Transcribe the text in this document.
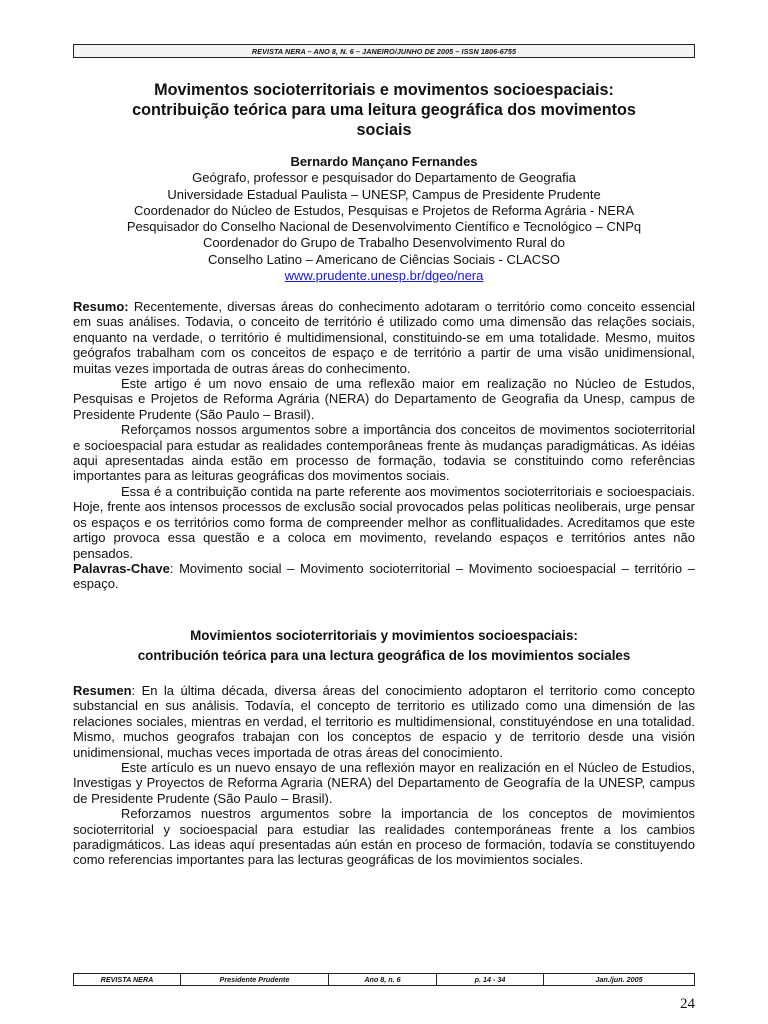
REVISTA NERA – ANO 8, N. 6 – JANEIRO/JUNHO DE 2005 – ISSN 1806-6755
Movimentos socioterritoriais e movimentos socioespaciais:
contribuição teórica para uma leitura geográfica dos movimentos
sociais
Bernardo Mançano Fernandes
Geógrafo, professor e pesquisador do Departamento de Geografia
Universidade Estadual Paulista – UNESP, Campus de Presidente Prudente
Coordenador do Núcleo de Estudos, Pesquisas e Projetos de Reforma Agrária - NERA
Pesquisador do Conselho Nacional de Desenvolvimento Científico e Tecnológico – CNPq
Coordenador do Grupo de Trabalho Desenvolvimento Rural do
Conselho Latino – Americano de Ciências Sociais - CLACSO
www.prudente.unesp.br/dgeo/nera

Resumo: Recentemente, diversas áreas do conhecimento adotaram o território como conceito essencial em suas análises. Todavia, o conceito de território é utilizado como uma dimensão das relações sociais, enquanto na verdade, o território é multidimensional, constituindo-se em uma totalidade. Mesmo, muitos geógrafos trabalham com os conceitos de espaço e de território a partir de uma visão unidimensional, muitas vezes importada de outras áreas do conhecimento.

Este artigo é um novo ensaio de uma reflexão maior em realização no Núcleo de Estudos, Pesquisas e Projetos de Reforma Agrária (NERA) do Departamento de Geografia da Unesp, campus de Presidente Prudente (São Paulo – Brasil).

Reforçamos nossos argumentos sobre a importância dos conceitos de movimentos socioterritorial e socioespacial para estudar as realidades contemporâneas frente às mudanças paradigmáticas. As idéias aqui apresentadas ainda estão em processo de formação, todavia se constituindo como referências importantes para as leituras geográficas dos movimentos sociais.

Essa é a contribuição contida na parte referente aos movimentos socioterritoriais e socioespaciais. Hoje, frente aos intensos processos de exclusão social provocados pelas políticas neoliberais, urge pensar os espaços e os territórios como forma de compreender melhor as conflitualidades. Acreditamos que este artigo provoca essa questão e a coloca em movimento, revelando espaços e territórios antes não pensados.

Palavras-Chave: Movimento social – Movimento socioterritorial – Movimento socioespacial – território – espaço.

Movimientos socioterritoriais y movimientos socioespaciais:
contribución teórica para una lectura geográfica de los movimientos sociales

Resumen: En la última década, diversa áreas del conocimiento adoptaron el territorio como concepto substancial en sus análisis. Todavía, el concepto de territorio es utilizado como una dimensión de las relaciones sociales, mientras en verdad, el territorio es multidimensional, constituyéndose en una totalidad. Mismo, muchos geografos trabajan con los conceptos de espacio y de territorio desde una visión unidimensional, muchas veces importada de otras áreas del conocimiento.

Este artículo es un nuevo ensayo de una reflexión mayor en realización en el Núcleo de Estudios, Investigas y Proyectos de Reforma Agraria (NERA) del Departamento de Geografía de la UNESP, campus de Presidente Prudente (São Paulo – Brasil).

Reforzamos nuestros argumentos sobre la importancia de los conceptos de movimientos socioterritorial y socioespacial para estudiar las realidades contemporáneas frente a los cambios paradigmáticos. Las ideas aquí presentadas aún están en proceso de formación, todavía se constituyendo como referencias importantes para las lecturas geográficas de los movimientos sociales.

REVISTA NERA	Presidente Prudente	Ano 8, n. 6	p. 14 - 34	Jan./jun. 2005
24
